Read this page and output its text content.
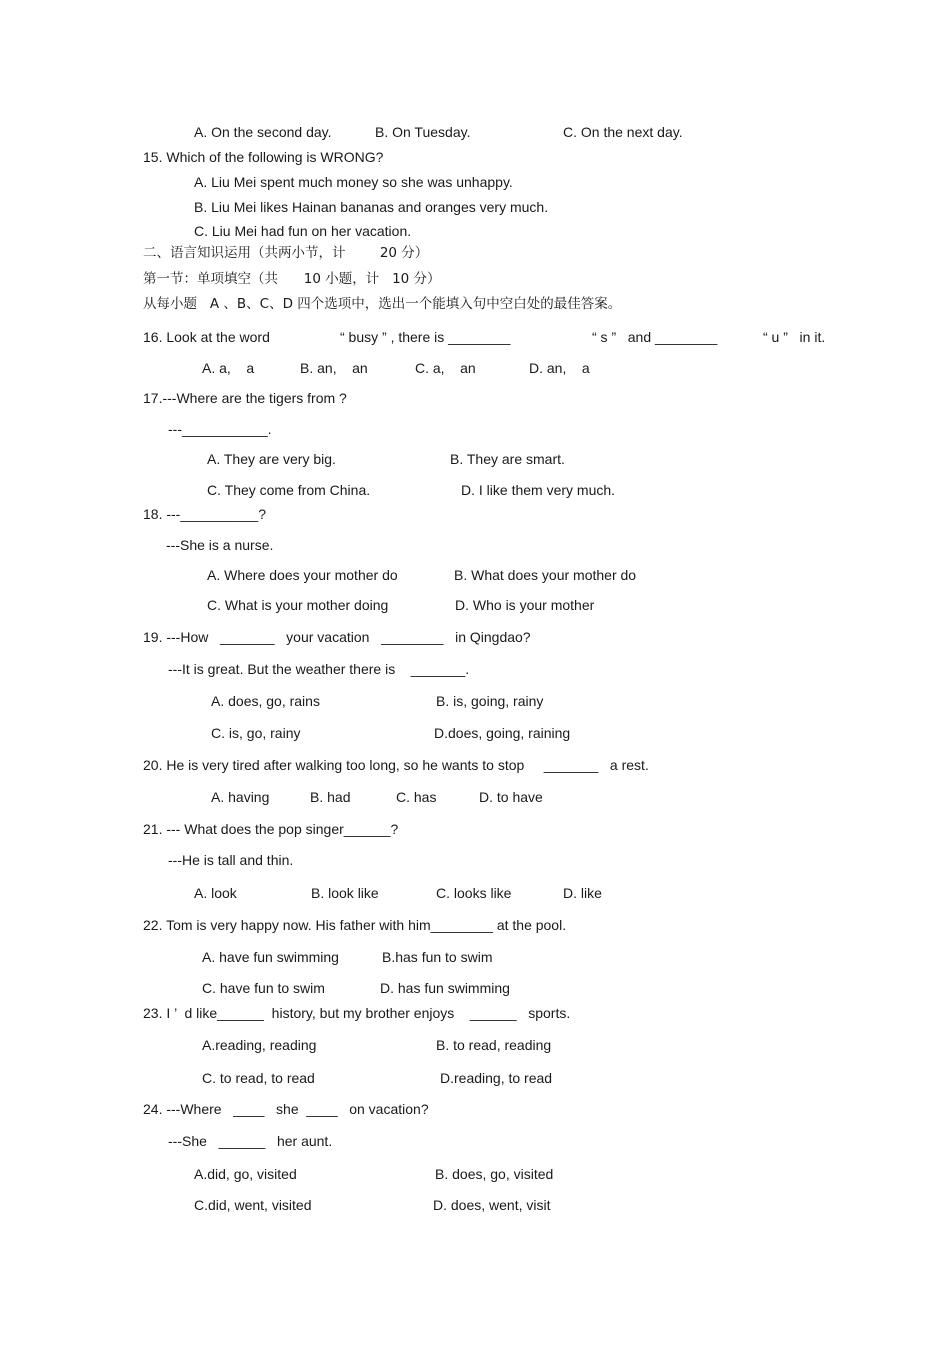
A. On the second day.	B. On Tuesday.	C. On the next day.
15. Which of the following is WRONG?
A. Liu Mei spent much money so she was unhappy.
B. Liu Mei likes Hainan bananas and oranges very much.
C. Liu Mei had fun on her vacation.
二、语言知识运用（共两小节，计        20 分）
第一节：单项填空（共      10 小题，计   10 分）
从每小题   A 、B、C、D 四个选项中，选出一个能填入句中空白处的最佳答案。
16. Look at the word	“ busy ” , there is ________	“ s ”   and ________	“ u ”   in it.
A. a,    a	B. an,    an	C. a,    an	D. an,    a
17.---Where are the tigers from ?
---___________.
A. They are very big.	B. They are smart.
C. They come from China.	D. I like them very much.
18. ---__________?
---She is a nurse.
A. Where does your mother do	B. What does your mother do
C. What is your mother doing	D. Who is your mother
19. ---How   _______   your vacation   ________   in Qingdao?
---It is great. But the weather there is    _______.
A. does, go, rains	B. is, going, rainy
C. is, go, rainy	D.does, going, raining
20. He is very tired after walking too long, so he wants to stop     _______   a rest.
A. having	B. had	C. has	D. to have
21. --- What does the pop singer______?
---He is tall and thin.
A. look	B. look like	C. looks like	D. like
22. Tom is very happy now. His father with him________ at the pool.
A. have fun swimming	B.has fun to swim
C. have fun to swim	D. has fun swimming
23. I ’  d like______  history, but my brother enjoys    ______   sports.
A.reading, reading	B. to read, reading
C. to read, to read	D.reading, to read
24. ---Where   ____   she  ____   on vacation?
---She   ______   her aunt.
A.did, go, visited	B. does, go, visited
C.did, went, visited	D. does, went, visit
